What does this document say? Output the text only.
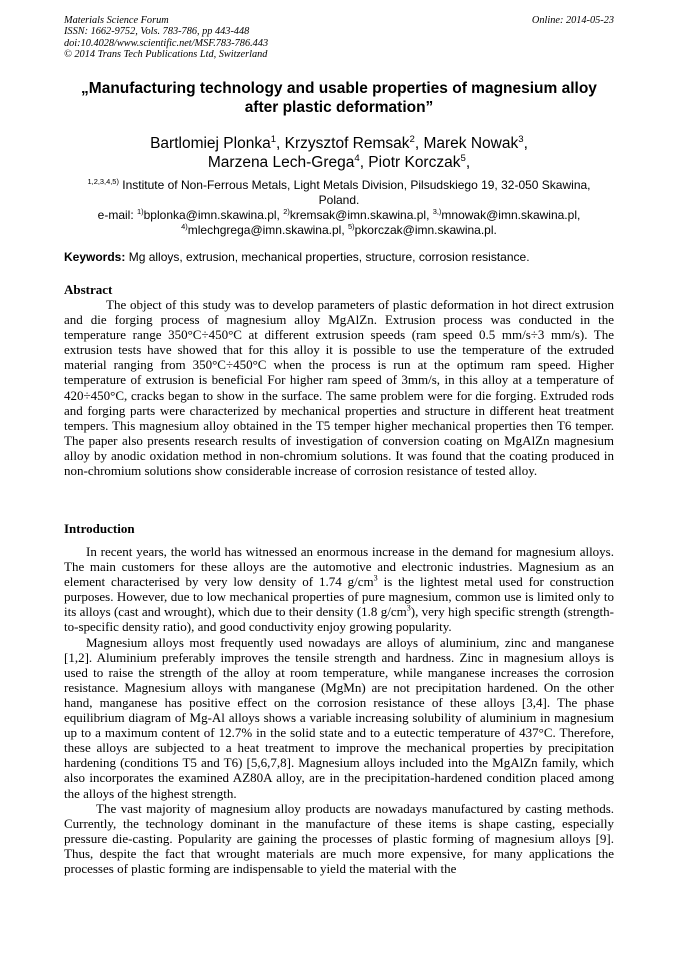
Materials Science Forum
ISSN: 1662-9752, Vols. 783-786, pp 443-448
doi:10.4028/www.scientific.net/MSF.783-786.443
© 2014 Trans Tech Publications Ltd, Switzerland
Online: 2014-05-23
„Manufacturing technology and usable properties of magnesium alloy
after plastic deformation”
Bartlomiej Plonka$^1$, Krzysztof Remsak$^2$, Marek Nowak$^3$,
Marzena Lech-Grega$^4$, Piotr Korczak$^5$,
$^{1,2,3,4,5)}$ Institute of Non-Ferrous Metals, Light Metals Division, Pilsudskiego 19, 32-050 Skawina,
Poland.
e-mail: $^{1)}$bplonka@imn.skawina.pl, $^{2)}$kremsak@imn.skawina.pl, $^{3,)}$mnowak@imn.skawina.pl,
$^{4)}$mlechgrega@imn.skawina.pl, $^{5)}$pkorczak@imn.skawina.pl.
Keywords: Mg alloys, extrusion, mechanical properties, structure, corrosion resistance.
Abstract

The object of this study was to develop parameters of plastic deformation in hot direct extrusion and die forging process of magnesium alloy MgAlZn. Extrusion process was conducted in the temperature range 350°C÷450°C at different extrusion speeds (ram speed 0.5 mm/s÷3 mm/s). The extrusion tests have showed that for this alloy it is possible to use the temperature of the extruded material ranging from 350°C÷450°C when the process is run at the optimum ram speed. Higher temperature of extrusion is beneficial For higher ram speed of 3mm/s, in this alloy at a temperature of 420÷450°C, cracks began to show in the surface. The same problem were for die forging. Extruded rods and forging parts were characterized by mechanical properties and structure in different heat treatment tempers. This magnesium alloy obtained in the T5 temper higher mechanical properties then T6 temper. The paper also presents research results of investigation of conversion coating on MgAlZn magnesium alloy by anodic oxidation method in non-chromium solutions. It was found that the coating produced in non-chromium solutions show considerable increase of corrosion resistance of tested alloy.

Introduction

In recent years, the world has witnessed an enormous increase in the demand for magnesium alloys. The main customers for these alloys are the automotive and electronic industries. Magnesium as an element characterised by very low density of 1.74 $g/cm^3$ is the lightest metal used for construction purposes. However, due to low mechanical properties of pure magnesium, common use is limited only to its alloys (cast and wrought), which due to their density (1.8 $g/cm^3$), very high specific strength (strength-to-specific density ratio), and good conductivity enjoy growing popularity.

Magnesium alloys most frequently used nowadays are alloys of aluminium, zinc and manganese [1,2]. Aluminium preferably improves the tensile strength and hardness. Zinc in magnesium alloys is used to raise the strength of the alloy at room temperature, while manganese increases the corrosion resistance. Magnesium alloys with manganese (MgMn) are not precipitation hardened. On the other hand, manganese has positive effect on the corrosion resistance of these alloys [3,4]. The phase equilibrium diagram of Mg-Al alloys shows a variable increasing solubility of aluminium in magnesium up to a maximum content of 12.7% in the solid state and to a eutectic temperature of 437°C. Therefore, these alloys are subjected to a heat treatment to improve the mechanical properties by precipitation hardening (conditions T5 and T6) [5,6,7,8]. Magnesium alloys included into the MgAlZn family, which also incorporates the examined AZ80A alloy, are in the precipitation-hardened condition placed among the alloys of the highest strength.

The vast majority of magnesium alloy products are nowadays manufactured by casting methods. Currently, the technology dominant in the manufacture of these items is shape casting, especially pressure die-casting. Popularity are gaining the processes of plastic forming of magnesium alloys [9]. Thus, despite the fact that wrought materials are much more expensive, for many applications the processes of plastic forming are indispensable to yield the material with the
